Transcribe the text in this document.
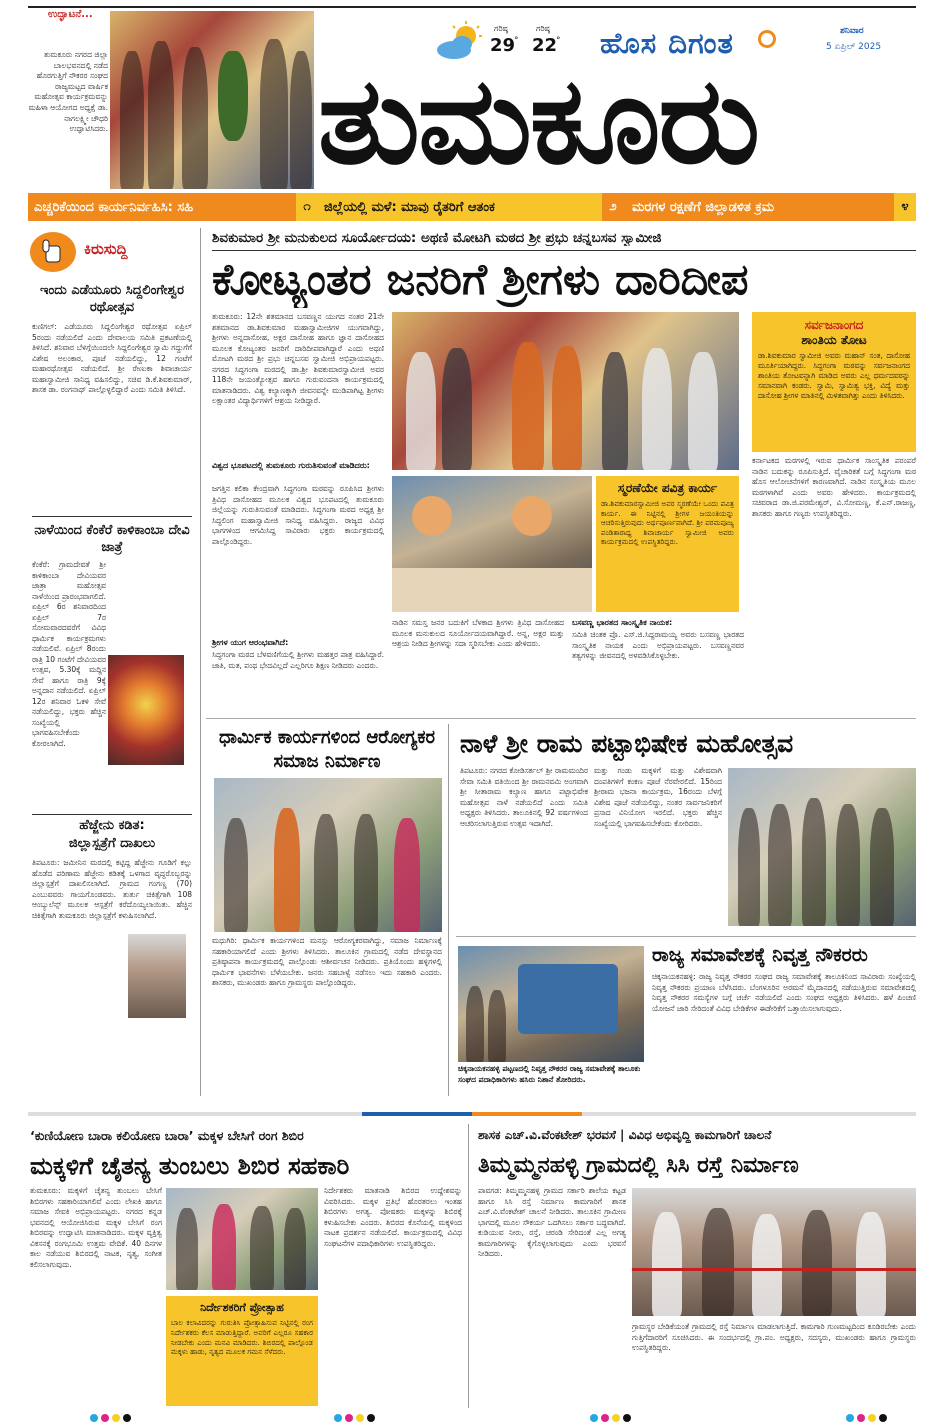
ಉದ್ಘಾಟನೆ...
ತುಮಕೂರು ನಗರದ ಜಿಲ್ಲಾ ಬಾಲಭವನದಲ್ಲಿ ನಡೆದ ಹೊರಗುತ್ತಿಗೆ ನೌಕರರ ಸಂಘದ ರಾಜ್ಯಮಟ್ಟದ ವಾರ್ಷಿಕ ಮಹೋತ್ಸವ ಕಾರ್ಯಕ್ರಮವನ್ನು ಮಹಿಳಾ ಆಯೋಗದ ಅಧ್ಯಕ್ಷೆ ಡಾ. ನಾಗಲಕ್ಷ್ಮೀ ಚೌಧರಿ ಉದ್ಘಾಟಿಸಿದರು.
ಗರಿಷ್ಠ
29
°
ಗರಿಷ್ಠ
22
° ಹೊಸ ದಿಗಂತ	ಶನಿವಾರ
5 ಏಪ್ರಿಲ್ 2025
ತುಮಕೂರು
ಎಚ್ಚರಿಕೆಯಿಂದ ಕಾರ್ಯನಿರ್ವಹಿಸಿ: ಸಹಿ	೧	ಜಿಲ್ಲೆಯಲ್ಲಿ ಮಳೆ: ಮಾವು ರೈತರಿಗೆ ಆತಂಕ	೨	ಮರಗಳ ರಕ್ಷಣೆಗೆ ಜಿಲ್ಲಾಡಳಿತ ಕ್ರಮ	೪
ಕಿರುಸುದ್ದಿ
ಇಂದು ಎಡೆಯೂರು ಸಿದ್ದಲಿಂಗೇಶ್ವರ ರಥೋತ್ಸವ
ಕುಣಿಗಲ್: ಎಡೆಯೂರು ಸಿದ್ದಲಿಂಗೇಶ್ವರ ರಥೋತ್ಸವ ಏಪ್ರಿಲ್ 5ರಂದು ನಡೆಯಲಿದೆ ಎಂದು ದೇವಾಲಯ ಸಮಿತಿ ಪ್ರಕಟಣೆಯಲ್ಲಿ ತಿಳಿಸಿದೆ. ಶನಿವಾರ ಬೆಳಿಗ್ಗೆಯಿಂದಲೇ ಸಿದ್ದಲಿಂಗೇಶ್ವರ ಸ್ವಾಮಿ ಗದ್ದುಗೆಗೆ ವಿಶೇಷ ಅಲಂಕಾರ, ಪೂಜೆ ನಡೆಯಲಿದ್ದು, 12 ಗಂಟೆಗೆ ಮಹಾರಥೋತ್ಸವ ನಡೆಯಲಿದೆ. ಶ್ರೀ ರೇಣುಕಾ ಶಿವಾಚಾರ್ಯ ಮಹಾಸ್ವಾಮೀಜಿ ಸಾನಿಧ್ಯ ವಹಿಸಲಿದ್ದು, ಸಚಿವ ಡಿ.ಕೆ.ಶಿವಕುಮಾರ್, ಶಾಸಕ ಡಾ. ರಂಗನಾಥ್ ಪಾಲ್ಗೊಳ್ಳಲಿದ್ದಾರೆ ಎಂದು ಸಮಿತಿ ತಿಳಿಸಿದೆ.
ನಾಳೆಯಿಂದ ಕೆಂಕೆರೆ ಕಾಳಿಕಾಂಬಾ ದೇವಿ ಜಾತ್ರೆ
ಕೆಂಕೆರೆ: ಗ್ರಾಮದೇವತೆ ಶ್ರೀ ಕಾಳಿಕಾಂಬಾ ದೇವಿಯವರ ಜಾತ್ರಾ ಮಹೋತ್ಸವ ನಾಳೆಯಿಂದ ಪ್ರಾರಂಭವಾಗಲಿದೆ. ಏಪ್ರಿಲ್ 6ರ ಶನಿವಾರದಿಂದ ಏಪ್ರಿಲ್ 7ರ ಸೋಮವಾರದವರೆಗೆ ವಿವಿಧ ಧಾರ್ಮಿಕ ಕಾರ್ಯಕ್ರಮಗಳು ನಡೆಯಲಿವೆ. ಏಪ್ರಿಲ್ 8ರಂದು ರಾತ್ರಿ 10 ಗಂಟೆಗೆ ದೇವಿಯವರ ಉತ್ಸವ, 5.30ಕ್ಕೆ ಮದ್ದಿನ ಸೇವೆ ಹಾಗೂ ರಾತ್ರಿ 9ಕ್ಕೆ ಅನ್ನದಾನ ನಡೆಯಲಿದೆ. ಏಪ್ರಿಲ್ 12ರ ಶನಿವಾರ ಓಕಳಿ ಸೇವೆ ನಡೆಯಲಿದ್ದು, ಭಕ್ತರು ಹೆಚ್ಚಿನ ಸಂಖ್ಯೆಯಲ್ಲಿ ಭಾಗವಹಿಸಬೇಕೆಂದು ಕೋರಲಾಗಿದೆ.
ಹೆಜ್ಜೇನು ಕಡಿತ:
ಜಿಲ್ಲಾಸ್ಪತ್ರೆಗೆ ದಾಖಲು
ತಿಪಟೂರು: ಜಮೀನಿನ ಮರದಲ್ಲಿ ಕಟ್ಟಿದ್ದ ಹೆಜ್ಜೇನು ಗೂಡಿಗೆ ಕಲ್ಲು ಹೊಡೆದ ಪರಿಣಾಮ ಹೆಜ್ಜೇನು ಕಡಿತಕ್ಕೆ ಒಳಗಾದ ವೃದ್ಧರೊಬ್ಬರನ್ನು ಜಿಲ್ಲಾಸ್ಪತ್ರೆಗೆ ದಾಖಲಿಸಲಾಗಿದೆ. ಗ್ರಾಮದ ಗಂಗಣ್ಣ (70) ಎಂಬುವವರು ಗಾಯಗೊಂಡವರು. ತುರ್ತು ಚಿಕಿತ್ಸೆಗಾಗಿ 108 ಆಂಬ್ಯುಲೆನ್ಸ್ ಮೂಲಕ ಆಸ್ಪತ್ರೆಗೆ ಕರೆದೊಯ್ಯಲಾಯಿತು. ಹೆಚ್ಚಿನ ಚಿಕಿತ್ಸೆಗಾಗಿ ತುಮಕೂರು ಜಿಲ್ಲಾಸ್ಪತ್ರೆಗೆ ಕಳುಹಿಸಲಾಗಿದೆ.
ಶಿವಕುಮಾರ ಶ್ರೀ ಮನುಕುಲದ ಸೂರ್ಯೋದಯ: ಅಥಣಿ ಮೋಟಗಿ ಮಠದ ಶ್ರೀ ಪ್ರಭು ಚನ್ನಬಸವ ಸ್ವಾಮೀಜಿ
ಕೋಟ್ಯಂತರ ಜನರಿಗೆ ಶ್ರೀಗಳು ದಾರಿದೀಪ
ತುಮಕೂರು: 12ನೇ ಶತಮಾನದ ಬಸವಣ್ಣನ ಯುಗದ ನಂತರ 21ನೇ ಶತಮಾನದ ಡಾ.ಶಿವಕುಮಾರ ಮಹಾಸ್ವಾಮೀಜಿಗಳ ಯುಗವಾಗಿದ್ದು, ಶ್ರೀಗಳು ಅನ್ನದಾಸೋಹ, ಅಕ್ಷರ ದಾಸೋಹ ಹಾಗೂ ಜ್ಞಾನ ದಾಸೋಹದ ಮೂಲಕ ಕೋಟ್ಯಂತರ ಜನರಿಗೆ ದಾರಿದೀಪವಾಗಿದ್ದಾರೆ ಎಂದು ಅಥಣಿ ಮೋಟಗಿ ಮಠದ ಶ್ರೀ ಪ್ರಭು ಚನ್ನಬಸವ ಸ್ವಾಮೀಜಿ ಅಭಿಪ್ರಾಯಪಟ್ಟರು. ನಗರದ ಸಿದ್ಧಗಂಗಾ ಮಠದಲ್ಲಿ ಡಾ.ಶ್ರೀ ಶಿವಕುಮಾರಸ್ವಾಮೀಜಿ ಅವರ 118ನೇ ಜಯಂತ್ಯೋತ್ಸವ ಹಾಗೂ ಗುರುವಂದನಾ ಕಾರ್ಯಕ್ರಮದಲ್ಲಿ ಮಾತನಾಡಿದರು. ವಿಶ್ವ ಕಲ್ಯಾಣಕ್ಕಾಗಿ ಜೀವನವನ್ನೇ ಮುಡಿಪಾಗಿಟ್ಟ ಶ್ರೀಗಳು ಲಕ್ಷಾಂತರ ವಿದ್ಯಾರ್ಥಿಗಳಿಗೆ ಆಶ್ರಯ ನೀಡಿದ್ದಾರೆ.
ವಿಶ್ವದ ಭೂಪಟದಲ್ಲಿ ತುಮಕೂರು ಗುರುತಿಸುವಂತೆ ಮಾಡಿದರು:
ಜಗತ್ತಿನ ಕಲಿಕಾ ಕೇಂದ್ರವಾಗಿ ಸಿದ್ಧಗಂಗಾ ಮಠವನ್ನು ರೂಪಿಸಿದ ಶ್ರೀಗಳು ತ್ರಿವಿಧ ದಾಸೋಹದ ಮೂಲಕ ವಿಶ್ವದ ಭೂಪಟದಲ್ಲಿ ತುಮಕೂರು ಜಿಲ್ಲೆಯನ್ನು ಗುರುತಿಸುವಂತೆ ಮಾಡಿದರು. ಸಿದ್ಧಗಂಗಾ ಮಠದ ಅಧ್ಯಕ್ಷ ಶ್ರೀ ಸಿದ್ಧಲಿಂಗ ಮಹಾಸ್ವಾಮೀಜಿ ಸಾನಿಧ್ಯ ವಹಿಸಿದ್ದರು. ರಾಜ್ಯದ ವಿವಿಧ ಭಾಗಗಳಿಂದ ಆಗಮಿಸಿದ್ದ ಸಾವಿರಾರು ಭಕ್ತರು ಕಾರ್ಯಕ್ರಮದಲ್ಲಿ ಪಾಲ್ಗೊಂಡಿದ್ದರು.
ಶ್ರೀಗಳ ಯುಗ ಆರಂಭವಾಗಿದೆ:
ಸಿದ್ಧಗಂಗಾ ಮಠದ ಬೆಳವಣಿಗೆಯಲ್ಲಿ ಶ್ರೀಗಳು ಮಹತ್ತರ ಪಾತ್ರ ವಹಿಸಿದ್ದಾರೆ. ಜಾತಿ, ಮತ, ಪಂಥ ಭೇದವಿಲ್ಲದೆ ಎಲ್ಲರಿಗೂ ಶಿಕ್ಷಣ ನೀಡಿದರು ಎಂದರು.
ಸರ್ವಜನಾಂಗದ
ಶಾಂತಿಯ ತೋಟ
ಡಾ.ಶಿವಕುಮಾರ ಸ್ವಾಮೀಜಿ ಅವರು ಮಹಾನ್ ಸಂತ, ದಾಸೋಹ ಮೂರ್ತಿಯಾಗಿದ್ದರು. ಸಿದ್ಧಗಂಗಾ ಮಠವನ್ನು ಸರ್ವಜನಾಂಗದ ಶಾಂತಿಯ ತೋಟವನ್ನಾಗಿ ಮಾಡಿದ ಅವರು ಎಲ್ಲ ಧರ್ಮದವರನ್ನು ಸಮಾನವಾಗಿ ಕಂಡರು. ಸ್ವಾಮಿ, ಸ್ವಾಮಿತ್ವ ಭಕ್ತಿ, ವಿದ್ಯೆ ಮತ್ತು ದಾಸೋಹ ಶ್ರೀಗಳ ಮಾತಿನಲ್ಲಿ ಮಿಳಿತವಾಗಿತ್ತು ಎಂದು ತಿಳಿಸಿದರು.
ಕರ್ನಾಟಕದ ಮಠಗಳಲ್ಲಿ ಇರುವ ಧಾರ್ಮಿಕ ಸಾಂಸ್ಕೃತಿಕ ಪರಂಪರೆ ನಾಡಿನ ಬದುಕನ್ನು ರೂಪಿಸುತ್ತಿದೆ. ವೈಚಾರಿಕತೆ ಬಗ್ಗೆ ಸಿದ್ಧಗಂಗಾ ಮಠ ಹೊಸ ಆಲೋಚನೆಗಳಿಗೆ ಕಾರಣವಾಗಿದೆ. ನಾಡಿನ ಸಂಸ್ಕೃತಿಯ ಮೂಲ ಮಠಗಳಾಗಿವೆ ಎಂದು ಅವರು ಹೇಳಿದರು. ಕಾರ್ಯಕ್ರಮದಲ್ಲಿ ಸಚಿವರಾದ ಡಾ.ಜಿ.ಪರಮೇಶ್ವರ್, ವಿ.ಸೋಮಣ್ಣ, ಕೆ.ಎನ್.ರಾಜಣ್ಣ, ಶಾಸಕರು ಹಾಗೂ ಗಣ್ಯರು ಉಪಸ್ಥಿತರಿದ್ದರು.
ಸ್ಮರಣೆಯೇ ಪವಿತ್ರ ಕಾರ್ಯ
ಡಾ.ಶಿವಕುಮಾರಸ್ವಾಮೀಜಿ ಅವರ ಸ್ಮರಣೆಯೇ ಒಂದು ಪವಿತ್ರ ಕಾರ್ಯ. ಈ ನಿಟ್ಟಿನಲ್ಲಿ ಶ್ರೀಗಳ ಜಯಂತಿಯನ್ನು ಆಚರಿಸುತ್ತಿರುವುದು ಅರ್ಥಪೂರ್ಣವಾಗಿದೆ. ಶ್ರೀ ಪರಮಪೂಜ್ಯ ಪಂಡಿತಾರಾಧ್ಯ ಶಿವಾಚಾರ್ಯ ಸ್ವಾಮೀಜಿ ಅವರು ಕಾರ್ಯಕ್ರಮದಲ್ಲಿ ಉಪಸ್ಥಿತರಿದ್ದರು.
ನಾಡಿನ ಸಮಸ್ತ ಜನರ ಬದುಕಿಗೆ ಬೆಳಕಾದ ಶ್ರೀಗಳು ತ್ರಿವಿಧ ದಾಸೋಹದ ಮೂಲಕ ಮನುಕುಲದ ಸೂರ್ಯೋದಯವಾಗಿದ್ದಾರೆ. ಅನ್ನ, ಅಕ್ಷರ ಮತ್ತು ಆಶ್ರಯ ನೀಡಿದ ಶ್ರೀಗಳನ್ನು ಸದಾ ಸ್ಮರಿಸಬೇಕು ಎಂದು ಹೇಳಿದರು.
ಬಸವಣ್ಣ ಭಾರತದ ಸಾಂಸ್ಕೃತಿಕ ನಾಯಕ:
ಸಮಿತಿ ಚಿಂತಕ ಪ್ರೊ. ಎಸ್.ಜಿ.ಸಿದ್ದರಾಮಯ್ಯ ಅವರು ಬಸವಣ್ಣ ಭಾರತದ ಸಾಂಸ್ಕೃತಿಕ ನಾಯಕ ಎಂದು ಅಭಿಪ್ರಾಯಪಟ್ಟರು. ಬಸವಣ್ಣನವರ ತತ್ವಗಳನ್ನು ಜೀವನದಲ್ಲಿ ಅಳವಡಿಸಿಕೊಳ್ಳಬೇಕು.
ಧಾರ್ಮಿಕ ಕಾರ್ಯಗಳಿಂದ ಆರೋಗ್ಯಕರ ಸಮಾಜ ನಿರ್ಮಾಣ
ಮಧುಗಿರಿ: ಧಾರ್ಮಿಕ ಕಾರ್ಯಗಳಿಂದ ಮನಸ್ಸು ಆರೋಗ್ಯಕರವಾಗಿದ್ದು, ಸಮಾಜ ನಿರ್ಮಾಣಕ್ಕೆ ಸಹಕಾರಿಯಾಗಲಿದೆ ಎಂದು ಶ್ರೀಗಳು ತಿಳಿಸಿದರು. ತಾಲೂಕಿನ ಗ್ರಾಮದಲ್ಲಿ ನಡೆದ ದೇವಸ್ಥಾನದ ಪ್ರತಿಷ್ಠಾಪನಾ ಕಾರ್ಯಕ್ರಮದಲ್ಲಿ ಪಾಲ್ಗೊಂಡು ಆಶೀರ್ವಚನ ನೀಡಿದರು. ಪ್ರತಿಯೊಂದು ಹಳ್ಳಿಗಳಲ್ಲಿ ಧಾರ್ಮಿಕ ಭಾವನೆಗಳು ಬೆಳೆಯಬೇಕು. ಜನರು ಸಹಬಾಳ್ವೆ ನಡೆಸಲು ಇದು ಸಹಕಾರಿ ಎಂದರು. ಶಾಸಕರು, ಮುಖಂಡರು ಹಾಗೂ ಗ್ರಾಮಸ್ಥರು ಪಾಲ್ಗೊಂಡಿದ್ದರು.
ನಾಳೆ ಶ್ರೀ ರಾಮ ಪಟ್ಟಾಭಿಷೇಕ ಮಹೋತ್ಸವ
ತಿಪಟೂರು: ನಗರದ ಕೋಡಿಸರ್ಕಲ್ ಶ್ರೀ ರಾಮಮಂದಿರ ಸೇವಾ ಸಮಿತಿ ವತಿಯಿಂದ ಶ್ರೀ ರಾಮನವಮಿ ಅಂಗವಾಗಿ ಶ್ರೀ ಸೀತಾರಾಮ ಕಲ್ಯಾಣ ಹಾಗೂ ಪಟ್ಟಾಭಿಷೇಕ ಮಹೋತ್ಸವ ನಾಳೆ ನಡೆಯಲಿದೆ ಎಂದು ಸಮಿತಿ ಅಧ್ಯಕ್ಷರು ತಿಳಿಸಿದರು. ತಾಲೂಕಿನಲ್ಲಿ 92 ವರ್ಷಗಳಿಂದ ಆಚರಿಸಲಾಗುತ್ತಿರುವ ಉತ್ಸವ ಇದಾಗಿದೆ.
ಮತ್ತು ಗಂಡು ಮಕ್ಕಳಿಗೆ ಮತ್ತು ವಿಶೇಷವಾಗಿ ದಂಪತಿಗಳಿಗೆ ಕಂಕಣ ಪೂಜೆ ನೆರವೇರಲಿದೆ. 15ರಿಂದ ಶ್ರೀರಾಮ ಭಜನಾ ಕಾರ್ಯಕ್ರಮ, 16ರಂದು ಬೆಳಗ್ಗೆ ವಿಶೇಷ ಪೂಜೆ ನಡೆಯಲಿದ್ದು, ನಂತರ ಸಾರ್ವಜನಿಕರಿಗೆ ಪ್ರಸಾದ ವಿನಿಯೋಗ ಇರಲಿದೆ. ಭಕ್ತರು ಹೆಚ್ಚಿನ ಸಂಖ್ಯೆಯಲ್ಲಿ ಭಾಗವಹಿಸಬೇಕೆಂದು ಕೋರಿದರು.
ಚಿಕ್ಕನಾಯಕನಹಳ್ಳಿ ಪಟ್ಟಣದಲ್ಲಿ ನಿವೃತ್ತ ನೌಕರರ ರಾಜ್ಯ ಸಮಾವೇಶಕ್ಕೆ ತಾಲೂಕು ಸಂಘದ ಪದಾಧಿಕಾರಿಗಳು ಹಸಿರು ನಿಶಾನೆ ತೋರಿದರು.
ರಾಜ್ಯ ಸಮಾವೇಶಕ್ಕೆ ನಿವೃತ್ತ ನೌಕರರು
ಚಿಕ್ಕನಾಯಕನಹಳ್ಳಿ: ರಾಜ್ಯ ನಿವೃತ್ತ ನೌಕರರ ಸಂಘದ ರಾಜ್ಯ ಸಮಾವೇಶಕ್ಕೆ ತಾಲೂಕಿನಿಂದ ಸಾವಿರಾರು ಸಂಖ್ಯೆಯಲ್ಲಿ ನಿವೃತ್ತ ನೌಕರರು ಪ್ರಯಾಣ ಬೆಳೆಸಿದರು. ಬೆಂಗಳೂರಿನ ಅರಮನೆ ಮೈದಾನದಲ್ಲಿ ನಡೆಯುತ್ತಿರುವ ಸಮಾವೇಶದಲ್ಲಿ ನಿವೃತ್ತ ನೌಕರರ ಸಮಸ್ಯೆಗಳ ಬಗ್ಗೆ ಚರ್ಚೆ ನಡೆಯಲಿದೆ ಎಂದು ಸಂಘದ ಅಧ್ಯಕ್ಷರು ತಿಳಿಸಿದರು. ಹಳೆ ಪಿಂಚಣಿ ಯೋಜನೆ ಜಾರಿ ಸೇರಿದಂತೆ ವಿವಿಧ ಬೇಡಿಕೆಗಳ ಈಡೇರಿಕೆಗೆ ಒತ್ತಾಯಿಸಲಾಗುವುದು.
‘ಕುಣಿಯೋಣ ಬಾರಾ ಕಲಿಯೋಣ ಬಾರಾ’ ಮಕ್ಕಳ ಬೇಸಿಗೆ ರಂಗ ಶಿಬಿರ
ಮಕ್ಕಳಿಗೆ ಚೈತನ್ಯ ತುಂಬಲು ಶಿಬಿರ ಸಹಕಾರಿ
ತುಮಕೂರು: ಮಕ್ಕಳಿಗೆ ಚೈತನ್ಯ ತುಂಬಲು ಬೇಸಿಗೆ ಶಿಬಿರಗಳು ಸಹಕಾರಿಯಾಗಲಿವೆ ಎಂದು ಲೇಖಕಿ ಹಾಗೂ ಸಮಾಜ ಸೇವಕಿ ಅಭಿಪ್ರಾಯಪಟ್ಟರು. ನಗರದ ಕನ್ನಡ ಭವನದಲ್ಲಿ ಆಯೋಜಿಸಿರುವ ಮಕ್ಕಳ ಬೇಸಿಗೆ ರಂಗ ಶಿಬಿರವನ್ನು ಉದ್ಘಾಟಿಸಿ ಮಾತನಾಡಿದರು. ಮಕ್ಕಳ ವ್ಯಕ್ತಿತ್ವ ವಿಕಸನಕ್ಕೆ ರಂಗಭೂಮಿ ಉತ್ತಮ ವೇದಿಕೆ. 40 ದಿನಗಳ ಕಾಲ ನಡೆಯುವ ಶಿಬಿರದಲ್ಲಿ ನಾಟಕ, ನೃತ್ಯ, ಸಂಗೀತ ಕಲಿಸಲಾಗುವುದು.
ನಿರ್ದೇಶಕರಿಗೆ ಪ್ರೋತ್ಸಾಹ
ಬಾಲ ಕಲಾವಿದರನ್ನು ಗುರುತಿಸಿ ಪ್ರೋತ್ಸಾಹಿಸುವ ನಿಟ್ಟಿನಲ್ಲಿ ರಂಗ ನಿರ್ದೇಶಕರು ಕೆಲಸ ಮಾಡುತ್ತಿದ್ದಾರೆ. ಅವರಿಗೆ ಎಲ್ಲರೂ ಸಹಕಾರ ನೀಡಬೇಕು ಎಂದು ಮನವಿ ಮಾಡಿದರು. ಶಿಬಿರದಲ್ಲಿ ಪಾಲ್ಗೊಂಡ ಮಕ್ಕಳು ಹಾಡು, ನೃತ್ಯದ ಮೂಲಕ ಗಮನ ಸೆಳೆದರು.
ನಿರ್ದೇಶಕರು ಮಾತನಾಡಿ ಶಿಬಿರದ ಉದ್ದೇಶವನ್ನು ವಿವರಿಸಿದರು. ಮಕ್ಕಳ ಪ್ರತಿಭೆ ಹೊರತರಲು ಇಂತಹ ಶಿಬಿರಗಳು ಅಗತ್ಯ. ಪೋಷಕರು ಮಕ್ಕಳನ್ನು ಶಿಬಿರಕ್ಕೆ ಕಳುಹಿಸಬೇಕು ಎಂದರು. ಶಿಬಿರದ ಕೊನೆಯಲ್ಲಿ ಮಕ್ಕಳಿಂದ ನಾಟಕ ಪ್ರದರ್ಶನ ನಡೆಯಲಿದೆ. ಕಾರ್ಯಕ್ರಮದಲ್ಲಿ ವಿವಿಧ ಸಂಘಟನೆಗಳ ಪದಾಧಿಕಾರಿಗಳು ಉಪಸ್ಥಿತರಿದ್ದರು.
ಶಾಸಕ ಎಚ್.ವಿ.ವೆಂಕಟೇಶ್ ಭರವಸೆ | ವಿವಿಧ ಅಭಿವೃದ್ಧಿ ಕಾಮಗಾರಿಗೆ ಚಾಲನೆ
ತಿಮ್ಮಮ್ಮನಹಳ್ಳಿ ಗ್ರಾಮದಲ್ಲಿ ಸಿಸಿ ರಸ್ತೆ ನಿರ್ಮಾಣ
ಪಾವಗಡ: ತಿಮ್ಮಮ್ಮನಹಳ್ಳಿ ಗ್ರಾಮದ ಸರ್ಕಾರಿ ಶಾಲೆಯ ಕಟ್ಟಡ ಹಾಗೂ ಸಿಸಿ ರಸ್ತೆ ನಿರ್ಮಾಣ ಕಾಮಗಾರಿಗೆ ಶಾಸಕ ಎಚ್.ವಿ.ವೆಂಕಟೇಶ್ ಚಾಲನೆ ನೀಡಿದರು. ತಾಲೂಕಿನ ಗ್ರಾಮೀಣ ಭಾಗದಲ್ಲಿ ಮೂಲ ಸೌಕರ್ಯ ಒದಗಿಸಲು ಸರ್ಕಾರ ಬದ್ಧವಾಗಿದೆ. ಕುಡಿಯುವ ನೀರು, ರಸ್ತೆ, ಚರಂಡಿ ಸೇರಿದಂತೆ ಎಲ್ಲ ಅಗತ್ಯ ಕಾಮಗಾರಿಗಳನ್ನು ಕೈಗೊಳ್ಳಲಾಗುವುದು ಎಂದು ಭರವಸೆ ನೀಡಿದರು.
ಗ್ರಾಮಸ್ಥರ ಬೇಡಿಕೆಯಂತೆ ಗ್ರಾಮದಲ್ಲಿ ರಸ್ತೆ ನಿರ್ಮಾಣ ಮಾಡಲಾಗುತ್ತಿದೆ. ಕಾಮಗಾರಿ ಗುಣಮಟ್ಟದಿಂದ ಕೂಡಿರಬೇಕು ಎಂದು ಗುತ್ತಿಗೆದಾರರಿಗೆ ಸೂಚಿಸಿದರು. ಈ ಸಂದರ್ಭದಲ್ಲಿ ಗ್ರಾ.ಪಂ. ಅಧ್ಯಕ್ಷರು, ಸದಸ್ಯರು, ಮುಖಂಡರು ಹಾಗೂ ಗ್ರಾಮಸ್ಥರು ಉಪಸ್ಥಿತರಿದ್ದರು.
